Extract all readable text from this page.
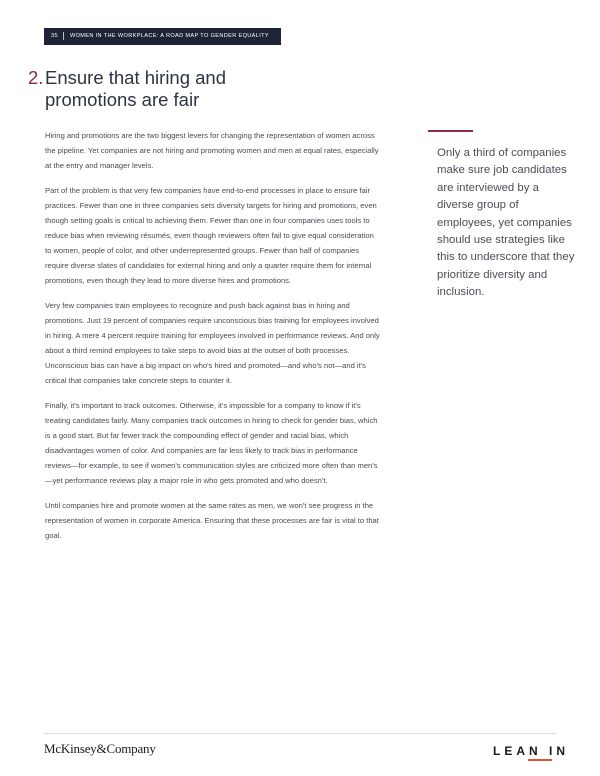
35 WOMEN IN THE WORKPLACE: A ROAD MAP TO GENDER EQUALITY
2.Ensure that hiring and
promotions are fair

Hiring and promotions are the two biggest levers for changing the representation of women across the pipeline. Yet companies are not hiring and promoting women and men at equal rates, especially at the entry and manager levels.

Part of the problem is that very few companies have end-to-end processes in place to ensure fair practices. Fewer than one in three companies sets diversity targets for hiring and promotions, even though setting goals is critical to achieving them. Fewer than one in four companies uses tools to reduce bias when reviewing résumés, even though reviewers often fail to give equal consideration to women, people of color, and other underrepresented groups. Fewer than half of companies require diverse slates of candidates for external hiring and only a quarter require them for internal promotions, even though they lead to more diverse hires and promotions.

Very few companies train employees to recognize and push back against bias in hiring and promotions. Just 19 percent of companies require unconscious bias training for employees involved in hiring. A mere 4 percent require training for employees involved in performance reviews. And only about a third remind employees to take steps to avoid bias at the outset of both processes. Unconscious bias can have a big impact on who's hired and promoted—and who's not—and it's critical that companies take concrete steps to counter it.

Finally, it's important to track outcomes. Otherwise, it's impossible for a company to know if it's treating candidates fairly. Many companies track outcomes in hiring to check for gender bias, which is a good start. But far fewer track the compounding effect of gender and racial bias, which disadvantages women of color. And companies are far less likely to track bias in performance reviews—for example, to see if women's communication styles are criticized more often than men's—yet performance reviews play a major role in who gets promoted and who doesn't.

Until companies hire and promote women at the same rates as men, we won't see progress in the representation of women in corporate America. Ensuring that these processes are fair is vital to that goal.

Only a third of companies make sure job candidates are interviewed by a diverse group of employees, yet companies should use strategies like this to underscore that they prioritize diversity and inclusion.
McKinsey&Company	LEAN IN
